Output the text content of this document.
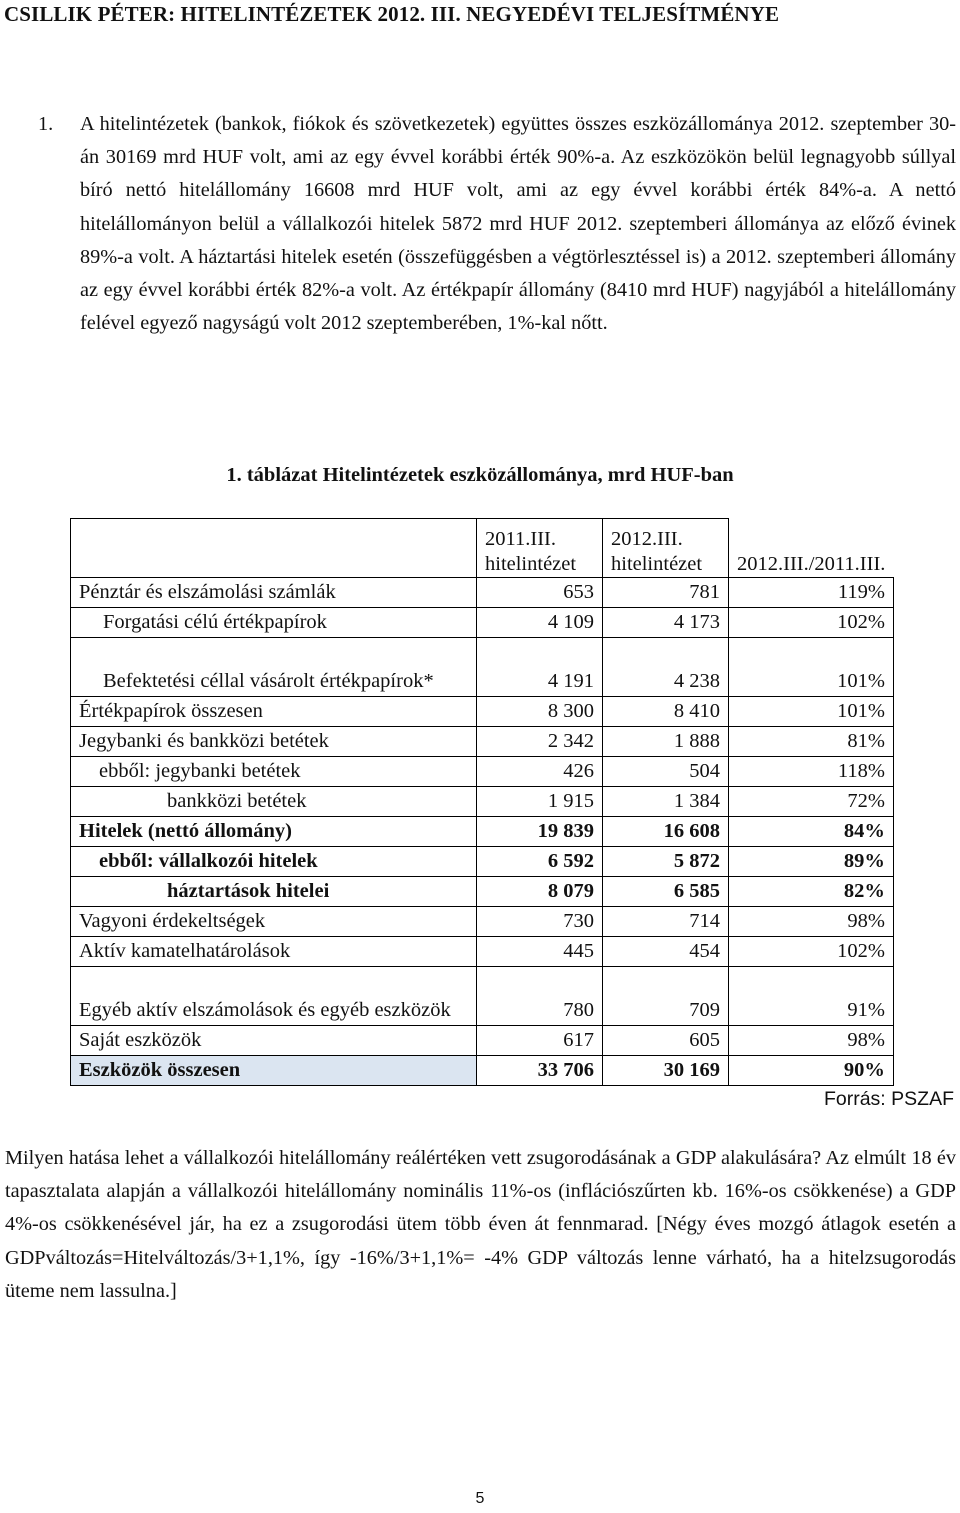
CSILLIK PÉTER: HITELINTÉZETEK 2012. III. NEGYEDÉVI TELJESÍTMÉNYE
1. A hitelintézetek (bankok, fiókok és szövetkezetek) együttes összes eszközállománya 2012. szeptember 30-án 30169 mrd HUF volt, ami az egy évvel korábbi érték 90%-a. Az eszközökön belül legnagyobb súllyal bíró nettó hitelállomány 16608 mrd HUF volt, ami az egy évvel korábbi érték 84%-a. A nettó hitelállományon belül a vállalkozói hitelek 5872 mrd HUF 2012. szeptemberi állománya az előző évinek 89%-a volt. A háztartási hitelek esetén (összefüggésben a végtörlesztéssel is) a 2012. szeptemberi állomány az egy évvel korábbi érték 82%-a volt. Az értékpapír állomány (8410 mrd HUF) nagyjából a hitelállomány felével egyező nagyságú volt 2012 szeptemberében, 1%-kal nőtt.
1. táblázat Hitelintézetek eszközállománya, mrd HUF-ban
	2011.III. hitelintézet	2012.III. hitelintézet	2012.III./2011.III.
Pénztár és elszámolási számlák	653	781	119%
Forgatási célú értékpapírok	4 109	4 173	102%
Befektetési céllal vásárolt értékpapírok*	4 191	4 238	101%
Értékpapírok összesen	8 300	8 410	101%
Jegybanki és bankközi betétek	2 342	1 888	81%
ebből: jegybanki betétek	426	504	118%
bankközi betétek	1 915	1 384	72%
Hitelek (nettó állomány)	19 839	16 608	84%
ebből: vállalkozói hitelek	6 592	5 872	89%
háztartások hitelei	8 079	6 585	82%
Vagyoni érdekeltségek	730	714	98%
Aktív kamatelhatárolások	445	454	102%
Egyéb aktív elszámolások és egyéb eszközök	780	709	91%
Saját eszközök	617	605	98%
Eszközök összesen	33 706	30 169	90%
Forrás: PSZAF
Milyen hatása lehet a vállalkozói hitelállomány reálértéken vett zsugorodásának a GDP alakulására? Az elmúlt 18 év tapasztalata alapján a vállalkozói hitelállomány nominális 11%-os (inflációszűrten kb. 16%-os csökkenése) a GDP 4%-os csökkenésével jár, ha ez a zsugorodási ütem több éven át fennmarad. [Négy éves mozgó átlagok esetén a GDPváltozás=Hitelváltozás/3+1,1%, így -16%/3+1,1%= -4% GDP változás lenne várható, ha a hitelzsugorodás üteme nem lassulna.]
5
